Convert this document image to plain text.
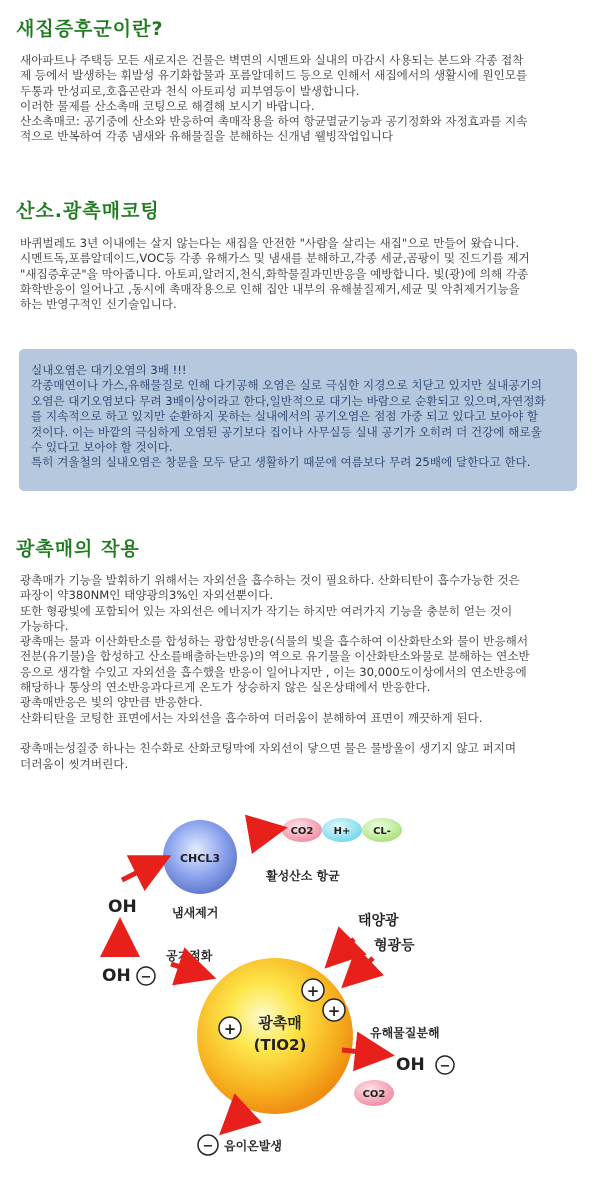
새집증후군이란?
새아파트나 주택등 모든 새로지은 건물은 벽면의 시멘트와 실내의 마감시 사용되는 본드와 각종 접착
제 등에서 발생하는 휘발성 유기화합물과 포름알데히드 등으로 인해서 새집에서의 생활시에 원인모를
두통과 만성피로,호흡곤란과 천식 아토피성 피부염등이 발생합니다.
이러한 물제를 산소촉매 코팅으로 해결해 보시기 바랍니다.
산소촉매코: 공기중에 산소와 반응하여 촉매작용을 하여 항균멸균기능과 공기정화와 자정효과를 지속
적으로 반복하여 각종 냄새와 유해물질을 분해하는 신개념 웰빙작업입니다
산소.광촉매코팅
바퀴벌레도 3년 이내에는 살지 않는다는 새집을 안전한 "사람을 살리는 새집"으로 만들어 왔습니다.
시멘트독,포름알데이드,VOC등 각종 유해가스 및 냄새를 분해하고,각종 세균,곰팡이 및 진드기를 제거
"새집증후군"을 막아줍니다. 아토피,알러지,천식,화학물질과민반응을 예방합니다. 빛(광)에 의해 각종
화학반응이 일어나고 ,동시에 촉매작용으로 인해 집안 내부의 유해불질제거,세균 및 악취제거기능을
하는 반영구적인 신기술입니다.
실내오염은 대기오염의 3배 !!!
각종매연이나 가스,유해물질로 인해 다기공해 오염은 실로 극심한 지경으로 치닫고 있지만 실내공기의
오염은 대기오염보다 무려 3배이상이라고 한다,일반적으로 대기는 바람으로 순환되고 있으며,자연정화
를 지속적으로 하고 있지만 순환하지 못하는 실내에서의 공기오염은 점점 가중 되고 있다고 보아야 할
것이다. 이는 바깥의 극심하게 오염된 공기보다 집이나 사무실등 실내 공기가 오히려 더 건강에 해로울
수 있다고 보아야 할 것이다.
특히 겨울철의 실내오염은 창문을 모두 닫고 생활하기 때문에 여름보다 무려 25배에 달한다고 한다.
광촉매의 작용
광촉매가 기능을 발휘하기 위해서는 자외선을 흡수하는 것이 필요하다. 산화티탄이 흡수가능한 것은
파장이 약380NM인 태양광의3%인 자외선뿐이다.
또한 형광빛에 포함되어 있는 자외선은 에너지가 작기는 하지만 여러가지 기능을 충분히 얻는 것이
가능하다.
광촉매는 물과 이산화탄소를 합성하는 광합성반응(식물의 빛을 흡수하여 이산화탄소와 물이 반응해서
전분(유기물)을 합성하고 산소를배출하는반응)의 역으로 유기물을 이산화탄소와물로 분해하는 연소반
응으로 생각할 수있고 자외선을 흡수했을 반응이 일어나지만 , 이는 30,000도이상에서의 연소반응에
해당하나 통상의 연소반응과다르게 온도가 상승하지 않은 실온상태에서 반응한다.
광촉매반응은 빛의 양만큼 반응한다.
산화티탄을 코팅한 표면에서는 자외선을 흡수하여 더러움이 분해하여 표면이 깨끗하게 된다.
광촉매는성질중 하나는 친수화로 산화코팅막에 자외선이 닿으면 물은 물방울이 생기지 않고 퍼지며
더러움이 씻겨버린다.
CHCL3
CO2 H+ CL-
활성산소 항균
OH	냄새제거
OH −
공기정화
광촉매
(TIO2)
+
+
+
태양광
형광등
유해물질분해
OH −
CO2
− 음이온발생
